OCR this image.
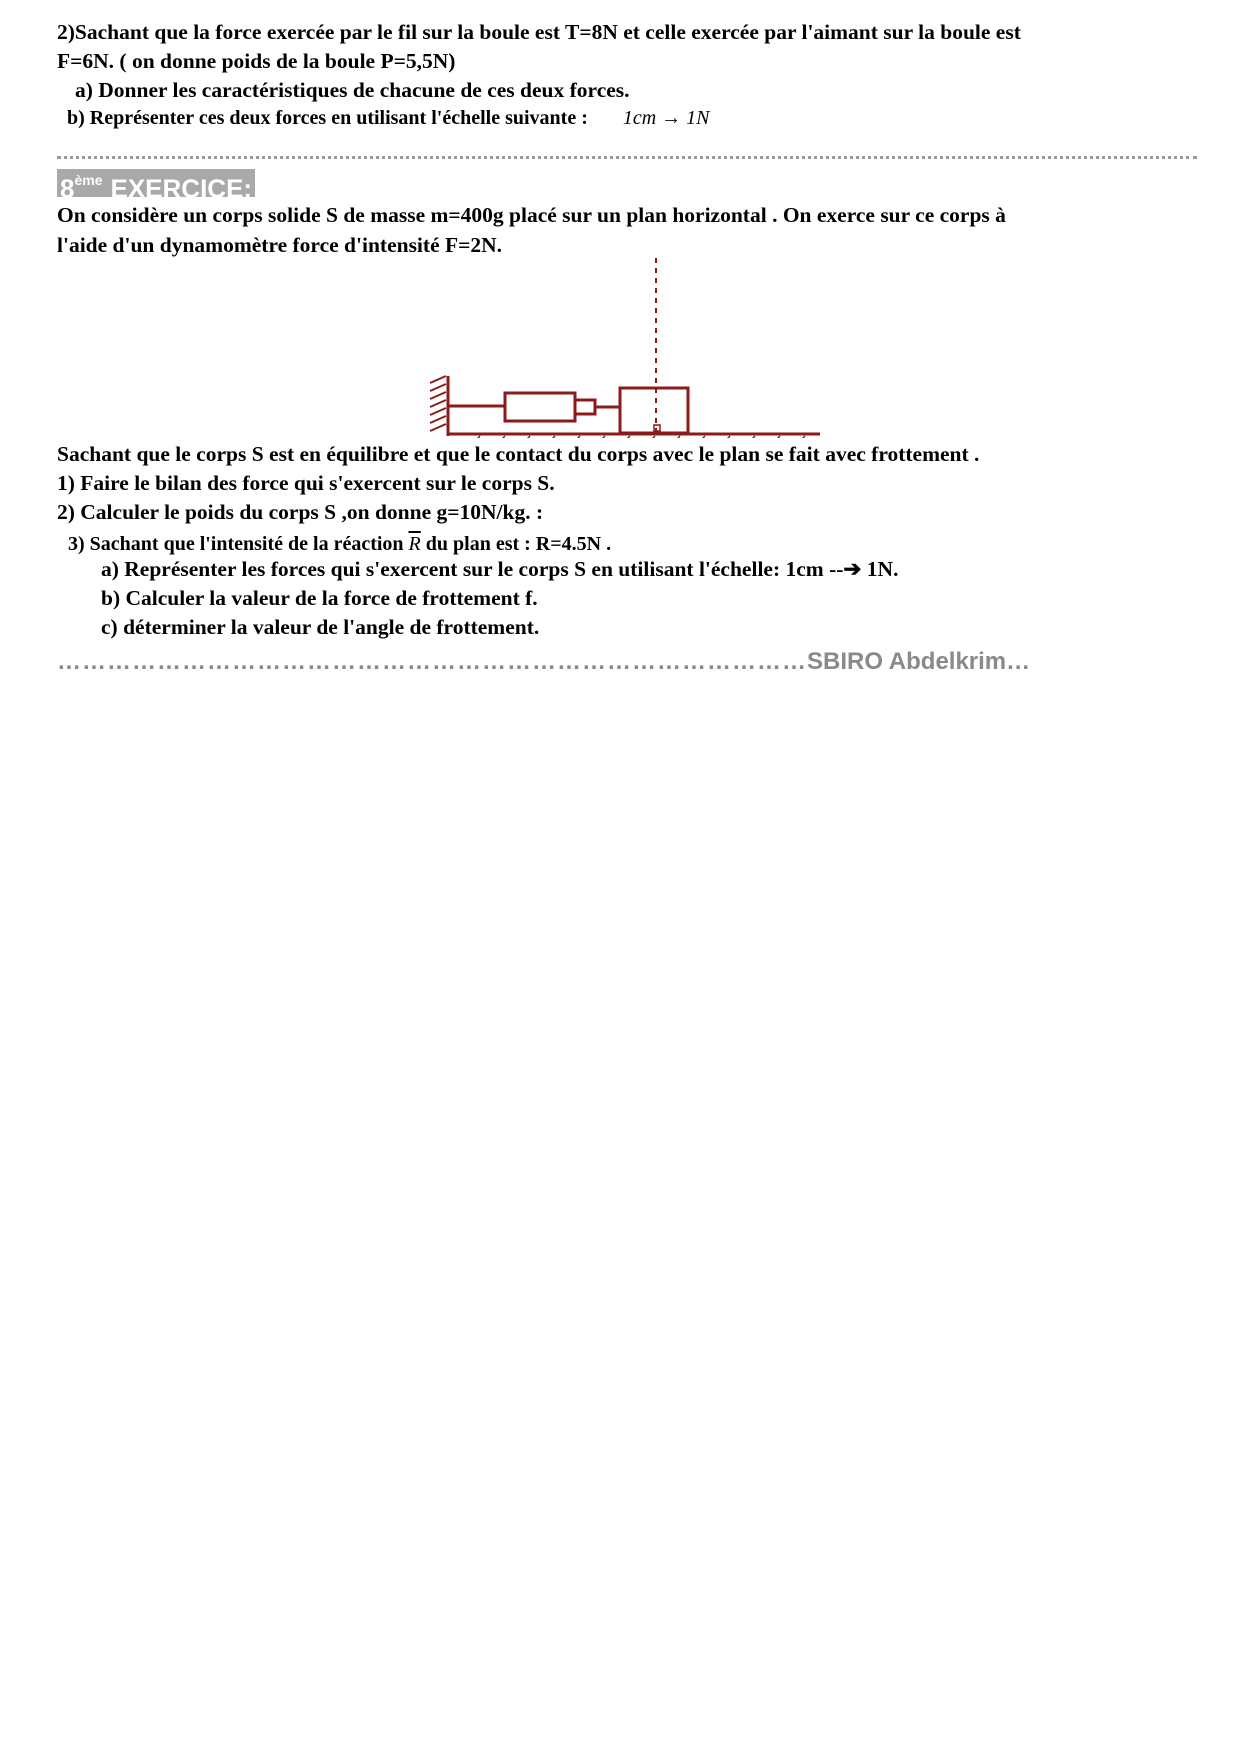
2)Sachant que la force exercée par le fil sur la boule est T=8N et celle exercée par l'aimant sur la boule est
F=6N. ( on donne poids de la boule P=5,5N)
a) Donner les caractéristiques de chacune de ces deux forces.
b) Représenter ces deux forces en utilisant l'échelle suivante : 1cm → 1N
8ème EXERCICE:
On considère un corps solide S de masse m=400g placé sur un plan horizontal . On exerce sur ce corps à
l'aide d'un dynamomètre force d'intensité F=2N.
Sachant que le corps S est en équilibre et que le contact du corps avec le plan se fait avec frottement .
1) Faire le bilan des force qui s'exercent sur le corps S.
2) Calculer le poids du corps S ,on donne g=10N/kg. :
3) Sachant que l'intensité de la réaction $\overline{R}$ du plan est : R=4.5N .
a) Représenter les forces qui s'exercent sur le corps S en utilisant l'échelle: 1cm --➔ 1N.
b) Calculer la valeur de la force de frottement f.
c) déterminer la valeur de l'angle de frottement.
………………………………………………………………………………SBIRO Abdelkrim…
